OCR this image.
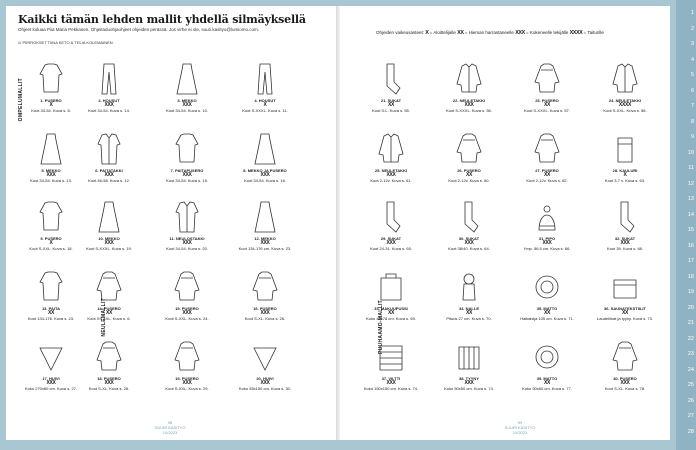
Kaikki tämän lehden mallit yhdellä silmäyksellä
Ohjeet koluaa Piia Maria Pekkanen. Ohjeitaduohjaohjeet ohjeiden perässä. Jos virhe ei ole, suuri.kasityo@lumiomo.com.
/// PIIRROKSET TIINA KETO & TELIA KOLEMAINEN
Ohjeiden vaikeusasteet: X = Aloittelijalle XX = Hieman harrastaneelle XXX = Kokeneelle tekijälle XXXX = Taiturille
OMPELUMALLIT
NEULEMALLIT	PUUHAAMO-MALLIT
1. PUSERO
X
Koot 34-54. Kuva s. 8.
2. HOUSUT
XXX
Koot 34-54. Kuva s. 14.
3. MEKKO
XXX
Koot 34-54. Kuva s. 10.
4. HOUSUT
X
Koot S-XXXL. Kuva s. 11.
5. MEKKO
XXX
Koot 34-54. Kuva s. 13.
6. PAITATAKKI
XXX
Koot 46-58. Kuva s. 12.
7. PAITAPUSERO
XXX
Koot 34-54. Kuva s. 15.
8. MEKKO JA PUSERO
XXX
Koot 34-54. Kuva s. 16.
9. PUSERO
X
Koot S-XXL. Kuva s. 18.
10. MEKKO
XXX
Koot S-XXXL. Kuva s. 19.
11. NEULOSTAKKI
XXX
Koot 34-54. Kuva s. 20.
12. MEKKO
XXX
Koot 134-176 cm. Kuva s. 23.
13. PAITA
XX
Koot 134-176. Kuva s. 23.
14. PUSERO
XX
Koot XS-4XL. Kuva s. 6.
15. PUSERO
XXX
Koot S-XXL. Kuva s. 24.
16. PUSERO
XXX
Koot S-XL. Kuva s. 26.
17. HUIVI
XXX
Koko 270x60 cm. Kuva s. 27.
18. PUSERO
XXX
Koot S-XL. Kuva s. 28.
19. PUSERO
XXX
Koot S-XXL. Kuva s. 29.
20. HUIVI
XXX
Koko 55x150 cm. Kuva s. 30.
21. SUKAT
XX
Koot S-L. Kuva s. 55.
22. NEULETAKKI
XXX
Koot S-XXXL. Kuva s. 56.
23. PUSERO
XX
Koot S-XXXL. Kuva s. 57.
24. NEULETAKKI
XXXX
Koot S-XXL. Kuva s. 58.
25. NEULETAKKI
XXX
Koot 2-12v. Kuva s. 61.
26. PUSERO
XX
Koot 2-12v. Kuva s. 60.
27. PUSERO
XX
Koot 2-12v. Kuva s. 62.
28. KAULURI
X
Koot 3-7 v. Kuva s. 63.
29. SUKAT
XXX
Koot 24-31. Kuva s. 65.
30. SUKAT
XXX
Koot 38/40. Kuva s. 64.
31. PIPO
XXX
Ymp. 56.5 cm. Kuva s. 66.
32. SUKAT
XXX
Koot 39. Kuva s. 68.
33. MAKUUPUSSI
XX
Koko 42x78 cm. Kuva s. 69.
34. NALLE
XX
Pituus 27 cm. Kuva s. 70.
35. MATTO
XX
Halkaisija 105 cm. Kuva s. 71.
36. SAUNATEKSTIILIT
XX
Laudeliinat ja tyyny. Kuva s. 73.
37. VILTTI
XXX
Koko 150x150 cm. Kuva s. 74.
38. TYYNY
XXX
Koko 50x50 cm. Kuva s. 74.
39. MATTO
XX
Koko 90x60 cm. Kuva s. 77.
40. PUSERO
XXX
Koot S-XL. Kuva s. 78.
98
SUURI KÄSITYÖ 10/2023
99
SUURI KÄSITYÖ 10/2023
1
2
3
4
5
6
7
8
9
10
11
12
13
14
15
16
17
18
19
20
21
22
23
24
25
26
27
28
